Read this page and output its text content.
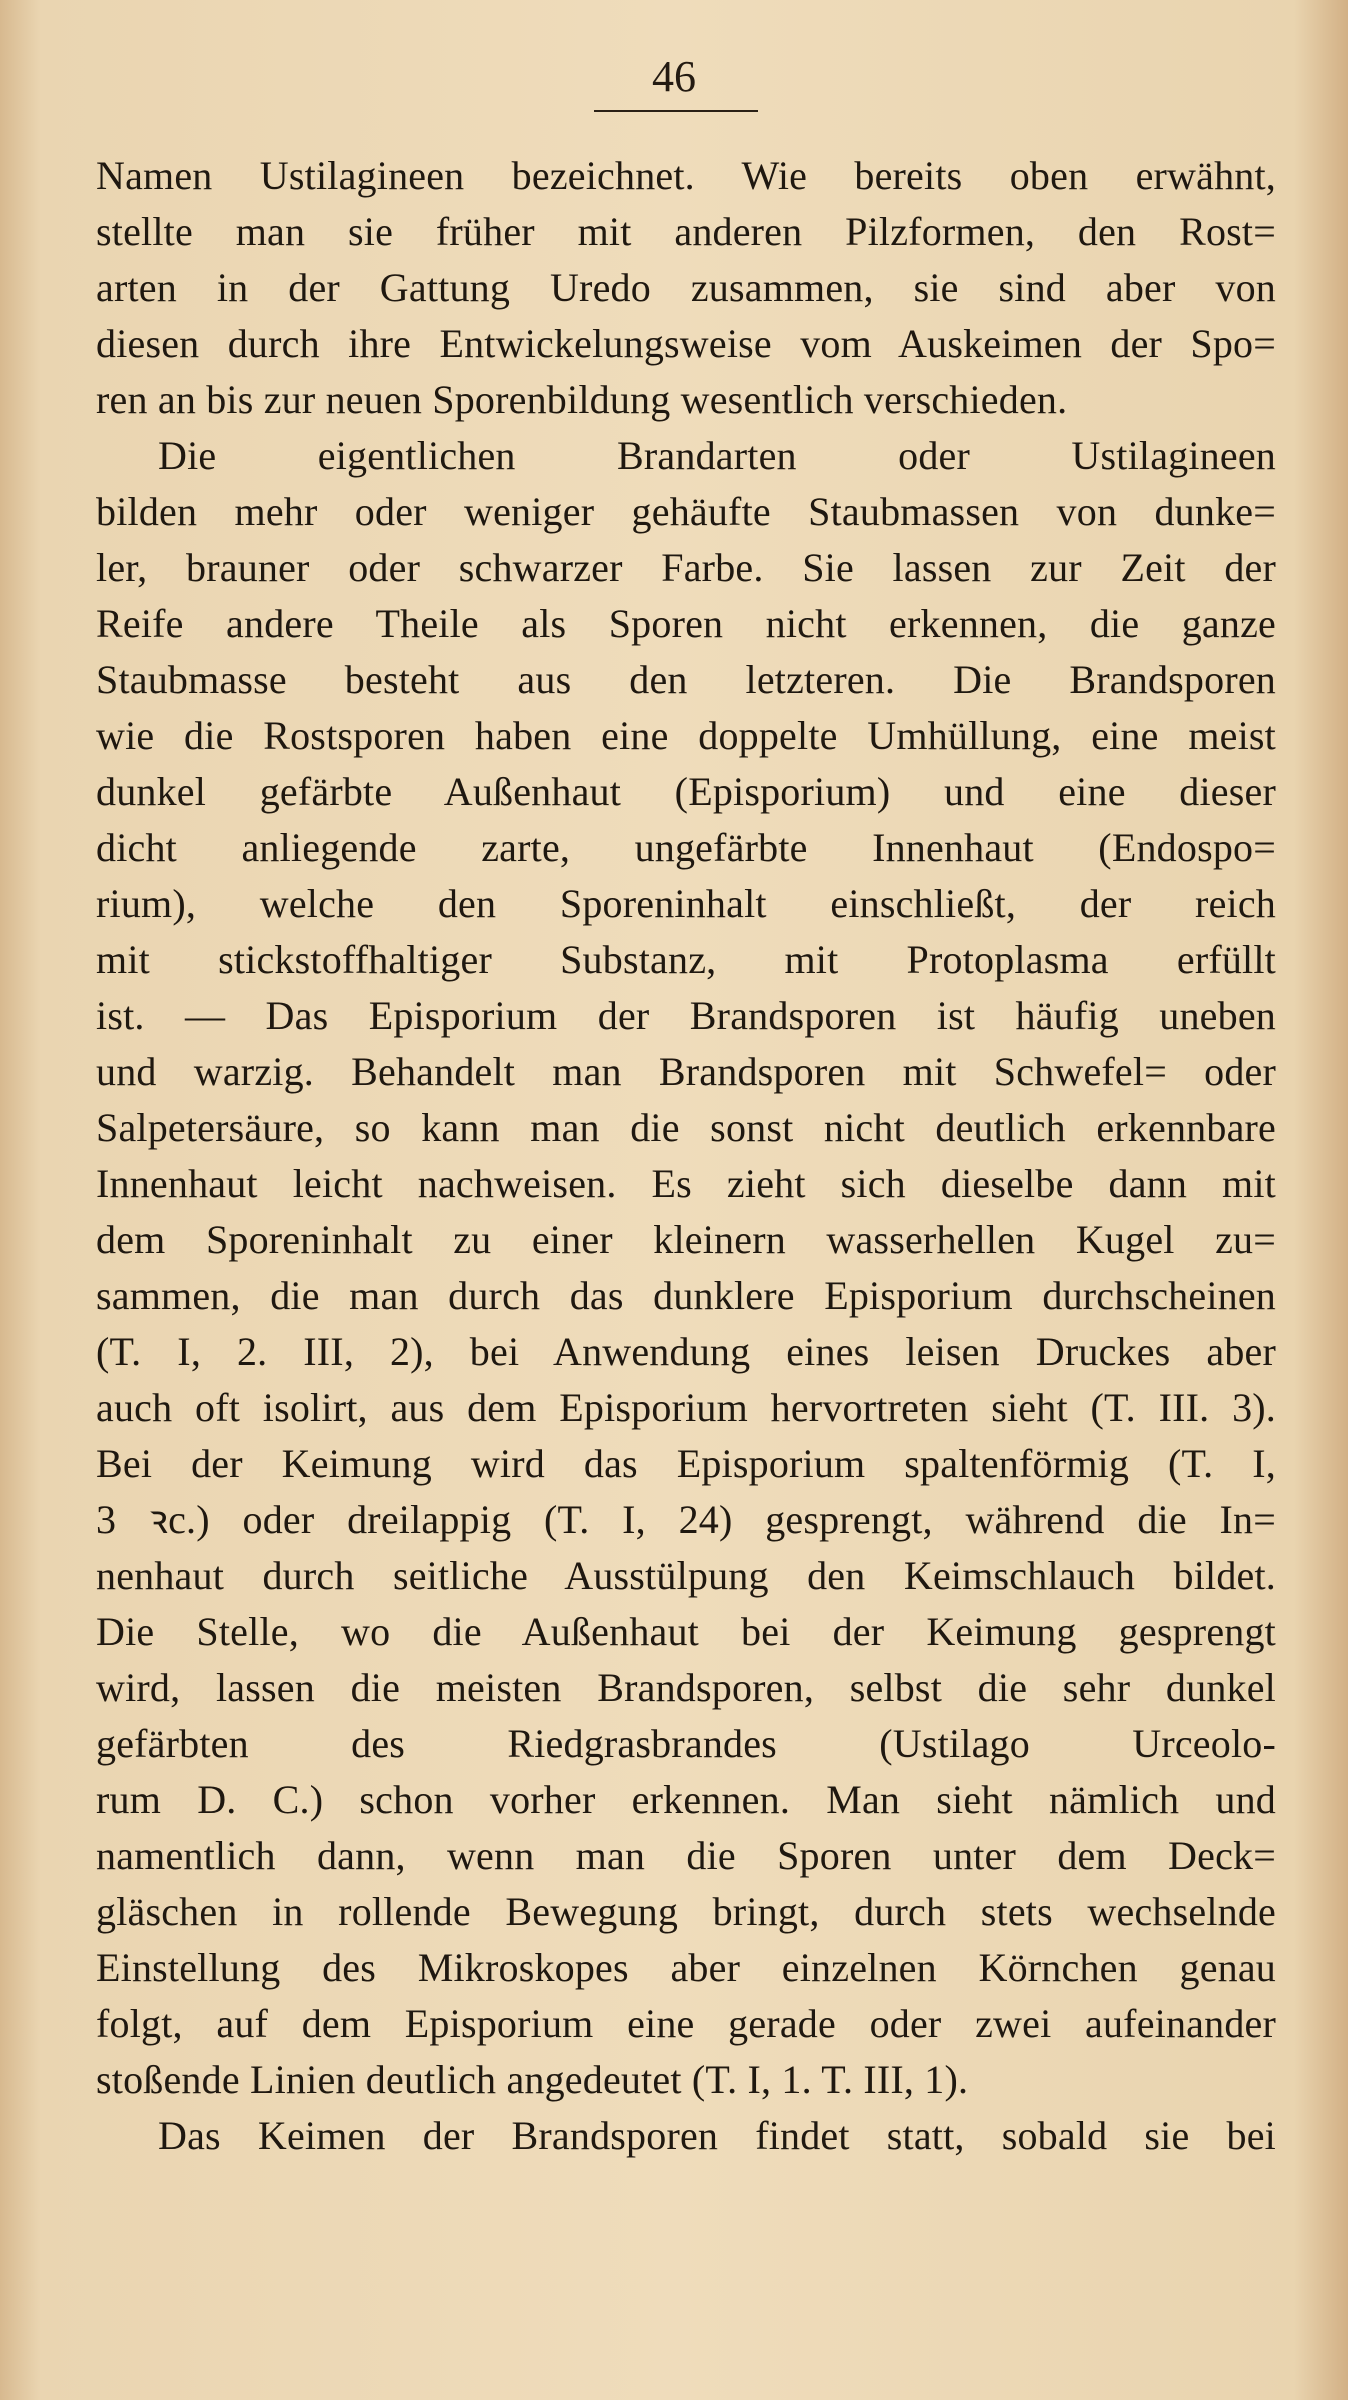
46
Namen Ustilagineen bezeichnet. Wie bereits oben erwähnt,
stellte man sie früher mit anderen Pilzformen, den Rost=
arten in der Gattung Uredo zusammen, sie sind aber von
diesen durch ihre Entwickelungsweise vom Auskeimen der Spo=
ren an bis zur neuen Sporenbildung wesentlich verschieden.
Die eigentlichen Brandarten oder Ustilagineen
bilden mehr oder weniger gehäufte Staubmassen von dunke=
ler, brauner oder schwarzer Farbe. Sie lassen zur Zeit der
Reife andere Theile als Sporen nicht erkennen, die ganze
Staubmasse besteht aus den letzteren. Die Brandsporen
wie die Rostsporen haben eine doppelte Umhüllung, eine meist
dunkel gefärbte Außenhaut (Episporium) und eine dieser
dicht anliegende zarte, ungefärbte Innenhaut (Endospo=
rium), welche den Sporeninhalt einschließt, der reich
mit stickstoffhaltiger Substanz, mit Protoplasma erfüllt
ist. — Das Episporium der Brandsporen ist häufig uneben
und warzig. Behandelt man Brandsporen mit Schwefel= oder
Salpetersäure, so kann man die sonst nicht deutlich erkennbare
Innenhaut leicht nachweisen. Es zieht sich dieselbe dann mit
dem Sporeninhalt zu einer kleinern wasserhellen Kugel zu=
sammen, die man durch das dunklere Episporium durchscheinen
(T. I, 2. III, 2), bei Anwendung eines leisen Druckes aber
auch oft isolirt, aus dem Episporium hervortreten sieht (T. III. 3).
Bei der Keimung wird das Episporium spaltenförmig (T. I,
3 ꝛc.) oder dreilappig (T. I, 24) gesprengt, während die In=
nenhaut durch seitliche Ausstülpung den Keimschlauch bildet.
Die Stelle, wo die Außenhaut bei der Keimung gesprengt
wird, lassen die meisten Brandsporen, selbst die sehr dunkel
gefärbten des Riedgrasbrandes (Ustilago Urceolo-
rum D. C.) schon vorher erkennen. Man sieht nämlich und
namentlich dann, wenn man die Sporen unter dem Deck=
gläschen in rollende Bewegung bringt, durch stets wechselnde
Einstellung des Mikroskopes aber einzelnen Körnchen genau
folgt, auf dem Episporium eine gerade oder zwei aufeinander
stoßende Linien deutlich angedeutet (T. I, 1. T. III, 1).
Das Keimen der Brandsporen findet statt, sobald sie bei
